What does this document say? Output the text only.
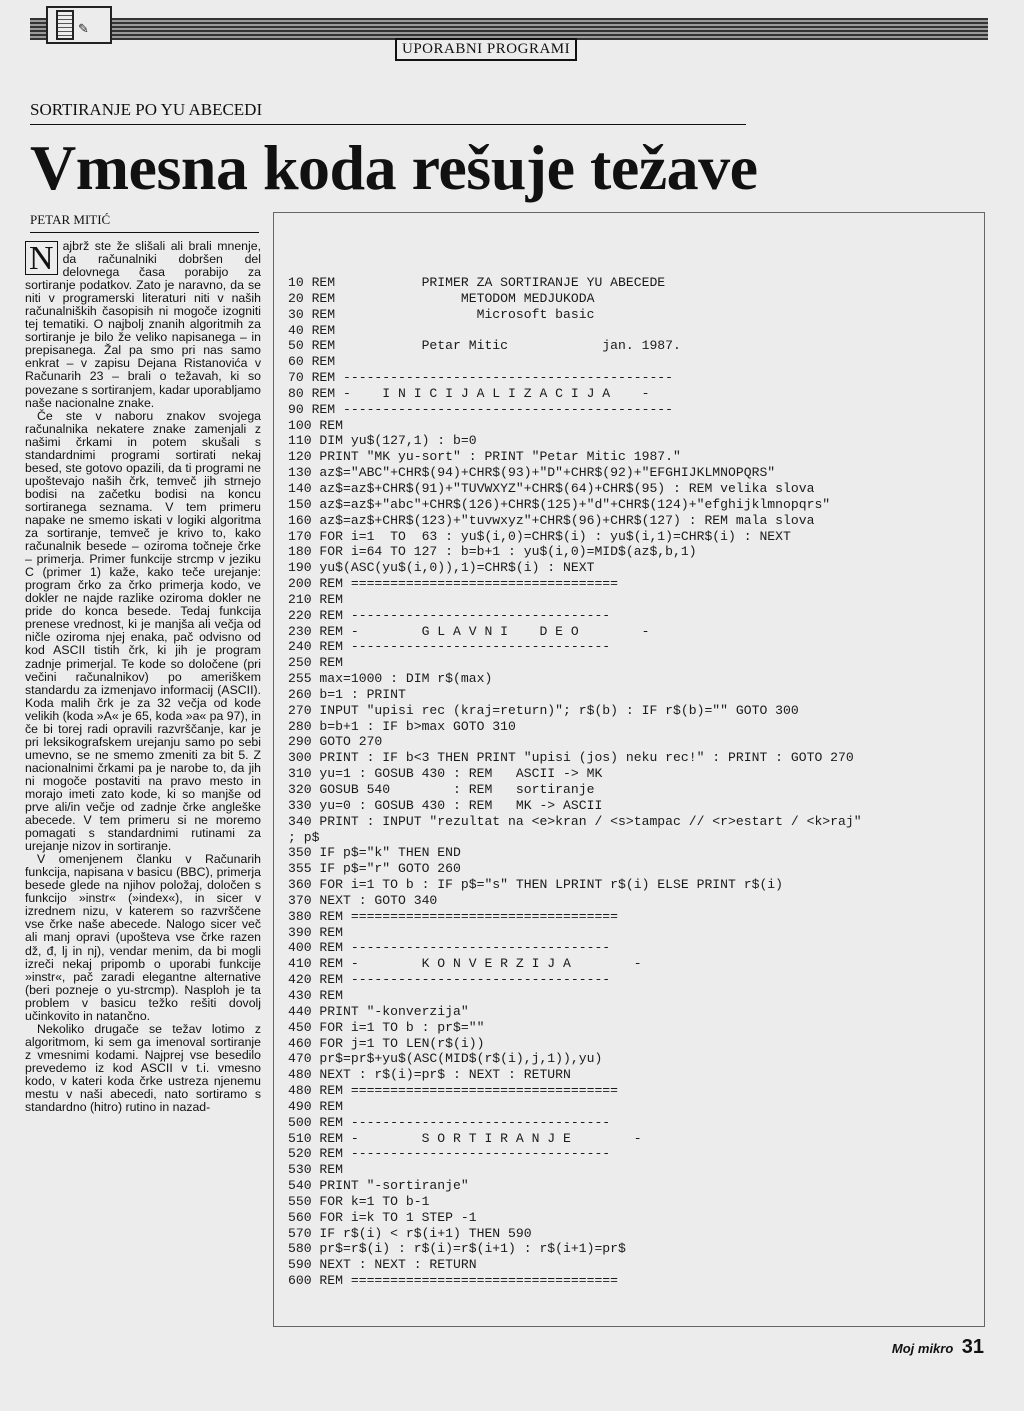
✎
UPORABNI PROGRAMI
SORTIRANJE PO YU ABECEDI
Vmesna koda rešuje težave
PETAR MITIĆ

N ajbrž ste že slišali ali brali mnenje, da računalniki dobršen del delovnega časa porabijo za sortiranje podatkov. Zato je naravno, da se niti v programerski literaturi niti v naših računalniških časopisih ni mogoče izogniti tej tematiki. O najbolj znanih algoritmih za sortiranje je bilo že veliko napisanega – in prepisanega. Žal pa smo pri nas samo enkrat – v zapisu Dejana Ristanovića v Računarih 23 – brali o težavah, ki so povezane s sortiranjem, kadar uporabljamo naše nacionalne znake.

Če ste v naboru znakov svojega računalnika nekatere znake zamenjali z našimi črkami in potem skušali s standardnimi programi sortirati nekaj besed, ste gotovo opazili, da ti programi ne upoštevajo naših črk, temveč jih strnejo bodisi na začetku bodisi na koncu sortiranega seznama. V tem primeru napake ne smemo iskati v logiki algoritma za sortiranje, temveč je krivo to, kako računalnik besede – oziroma točneje črke – primerja. Primer funkcije strcmp v jeziku C (primer 1) kaže, kako teče urejanje: program črko za črko primerja kodo, ve dokler ne najde razlike oziroma dokler ne pride do konca besede. Tedaj funkcija prenese vrednost, ki je manjša ali večja od ničle oziroma njej enaka, pač odvisno od kod ASCII tistih črk, ki jih je program zadnje primerjal. Te kode so določene (pri večini računalnikov) po ameriškem standardu za izmenjavo informacij (ASCII). Koda malih črk je za 32 večja od kode velikih (koda »A« je 65, koda »a« pa 97), in če bi torej radi opravili razvrščanje, kar je pri leksikografskem urejanju samo po sebi umevno, se ne smemo zmeniti za bit 5. Z nacionalnimi črkami pa je narobe to, da jih ni mogoče postaviti na pravo mesto in morajo imeti zato kode, ki so manjše od prve ali/in večje od zadnje črke angleške abecede. V tem primeru si ne moremo pomagati s standardnimi rutinami za urejanje nizov in sortiranje.

V omenjenem članku v Računarih funkcija, napisana v basicu (BBC), primerja besede glede na njihov položaj, določen s funkcijo »instr« (»index«), in sicer v izrednem nizu, v katerem so razvrščene vse črke naše abecede. Nalogo sicer več ali manj opravi (upošteva vse črke razen dž, đ, lj in nj), vendar menim, da bi mogli izreči nekaj pripomb o uporabi funkcije »instr«, pač zaradi elegantne alternative (beri pozneje o yu-strcmp). Nasploh je ta problem v basicu težko rešiti dovolj učinkovito in natančno.

Nekoliko drugače se težav lotimo z algoritmom, ki sem ga imenoval sortiranje z vmesnimi kodami. Najprej vse besedilo prevedemo iz kod ASCII v t.i. vmesno kodo, v kateri koda črke ustreza njenemu mestu v naši abecedi, nato sortiramo s standardno (hitro) rutino in nazad-

10 REM           PRIMER ZA SORTIRANJE YU ABECEDE
20 REM                METODOM MEDJUKODA
30 REM                  Microsoft basic
40 REM
50 REM           Petar Mitic            jan. 1987.
60 REM
70 REM ------------------------------------------
80 REM -    I N I C I J A L I Z A C I J A    -
90 REM ------------------------------------------
100 REM
110 DIM yu$(127,1) : b=0
120 PRINT "MK yu-sort" : PRINT "Petar Mitic 1987."
130 az$="ABC"+CHR$(94)+CHR$(93)+"D"+CHR$(92)+"EFGHIJKLMNOPQRS"
140 az$=az$+CHR$(91)+"TUVWXYZ"+CHR$(64)+CHR$(95) : REM velika slova
150 az$=az$+"abc"+CHR$(126)+CHR$(125)+"d"+CHR$(124)+"efghijklmnopqrs"
160 az$=az$+CHR$(123)+"tuvwxyz"+CHR$(96)+CHR$(127) : REM mala slova
170 FOR i=1  TO  63 : yu$(i,0)=CHR$(i) : yu$(i,1)=CHR$(i) : NEXT
180 FOR i=64 TO 127 : b=b+1 : yu$(i,0)=MID$(az$,b,1)
190 yu$(ASC(yu$(i,0)),1)=CHR$(i) : NEXT
200 REM ==================================
210 REM
220 REM ---------------------------------
230 REM -        G L A V N I    D E O        -
240 REM ---------------------------------
250 REM
255 max=1000 : DIM r$(max)
260 b=1 : PRINT
270 INPUT "upisi rec (kraj=return)"; r$(b) : IF r$(b)="" GOTO 300
280 b=b+1 : IF b>max GOTO 310
290 GOTO 270
300 PRINT : IF b<3 THEN PRINT "upisi (jos) neku rec!" : PRINT : GOTO 270
310 yu=1 : GOSUB 430 : REM   ASCII -> MK
320 GOSUB 540        : REM   sortiranje
330 yu=0 : GOSUB 430 : REM   MK -> ASCII
340 PRINT : INPUT "rezultat na <e>kran / <s>tampac // <r>estart / <k>raj"
; p$
350 IF p$="k" THEN END
355 IF p$="r" GOTO 260
360 FOR i=1 TO b : IF p$="s" THEN LPRINT r$(i) ELSE PRINT r$(i)
370 NEXT : GOTO 340
380 REM ==================================
390 REM
400 REM ---------------------------------
410 REM -        K O N V E R Z I J A        -
420 REM ---------------------------------
430 REM
440 PRINT "-konverzija"
450 FOR i=1 TO b : pr$=""
460 FOR j=1 TO LEN(r$(i))
470 pr$=pr$+yu$(ASC(MID$(r$(i),j,1)),yu)
480 NEXT : r$(i)=pr$ : NEXT : RETURN
480 REM ==================================
490 REM
500 REM ---------------------------------
510 REM -        S O R T I R A N J E        -
520 REM ---------------------------------
530 REM
540 PRINT "-sortiranje"
550 FOR k=1 TO b-1
560 FOR i=k TO 1 STEP -1
570 IF r$(i) < r$(i+1) THEN 590
580 pr$=r$(i) : r$(i)=r$(i+1) : r$(i+1)=pr$
590 NEXT : NEXT : RETURN
600 REM ==================================

Moj mikro 31
